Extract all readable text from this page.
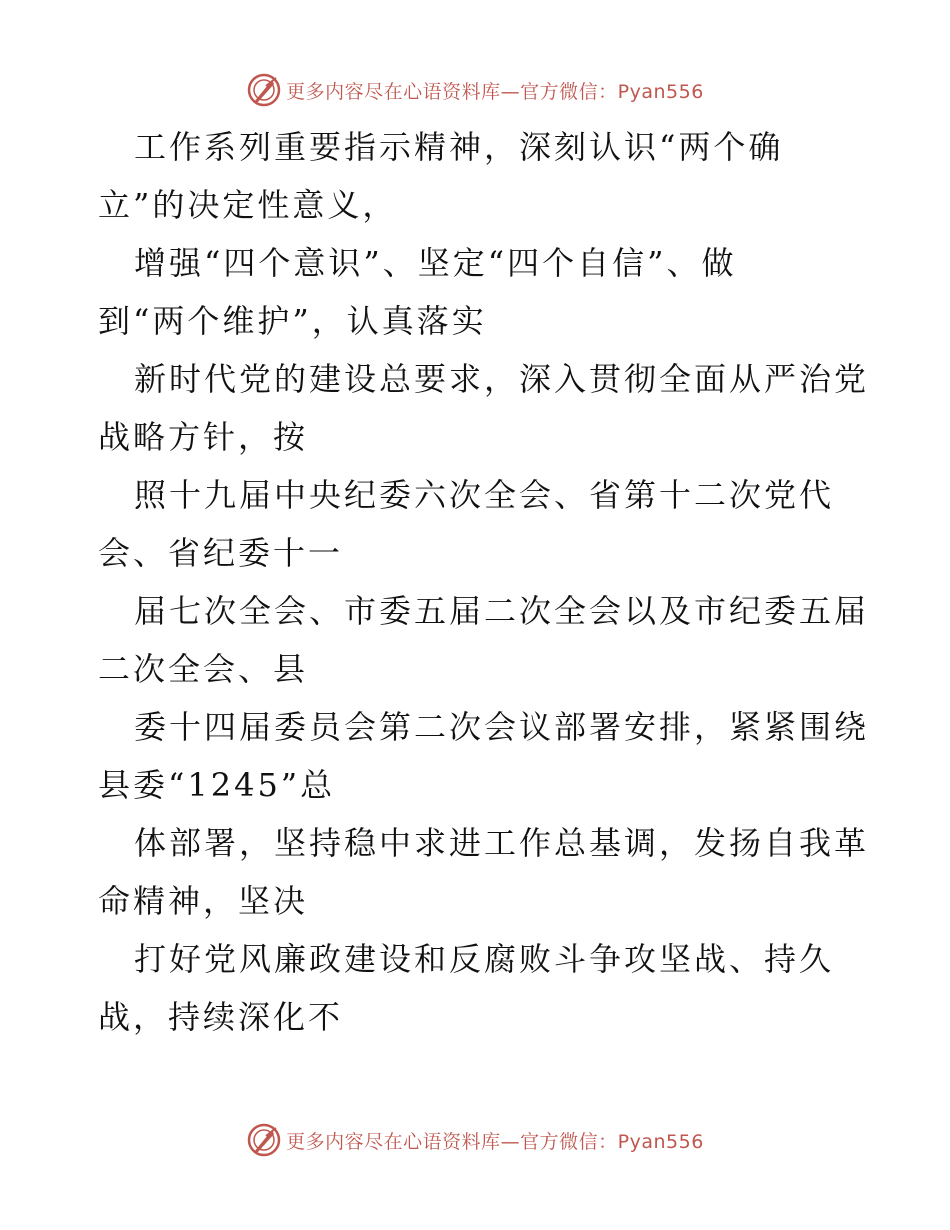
更多内容尽在心语资料库—官方微信：Pyan556
工作系列重要指示精神，深刻认识“两个确
立”的决定性意义，
增强“四个意识”、坚定“四个自信”、做
到“两个维护”，认真落实
新时代党的建设总要求，深入贯彻全面从严治党
战略方针，按
照十九届中央纪委六次全会、省第十二次党代
会、省纪委十一
届七次全会、市委五届二次全会以及市纪委五届
二次全会、县
委十四届委员会第二次会议部署安排，紧紧围绕
县委“1245”总
体部署，坚持稳中求进工作总基调，发扬自我革
命精神，坚决
打好党风廉政建设和反腐败斗争攻坚战、持久
战，持续深化不
更多内容尽在心语资料库—官方微信：Pyan556
